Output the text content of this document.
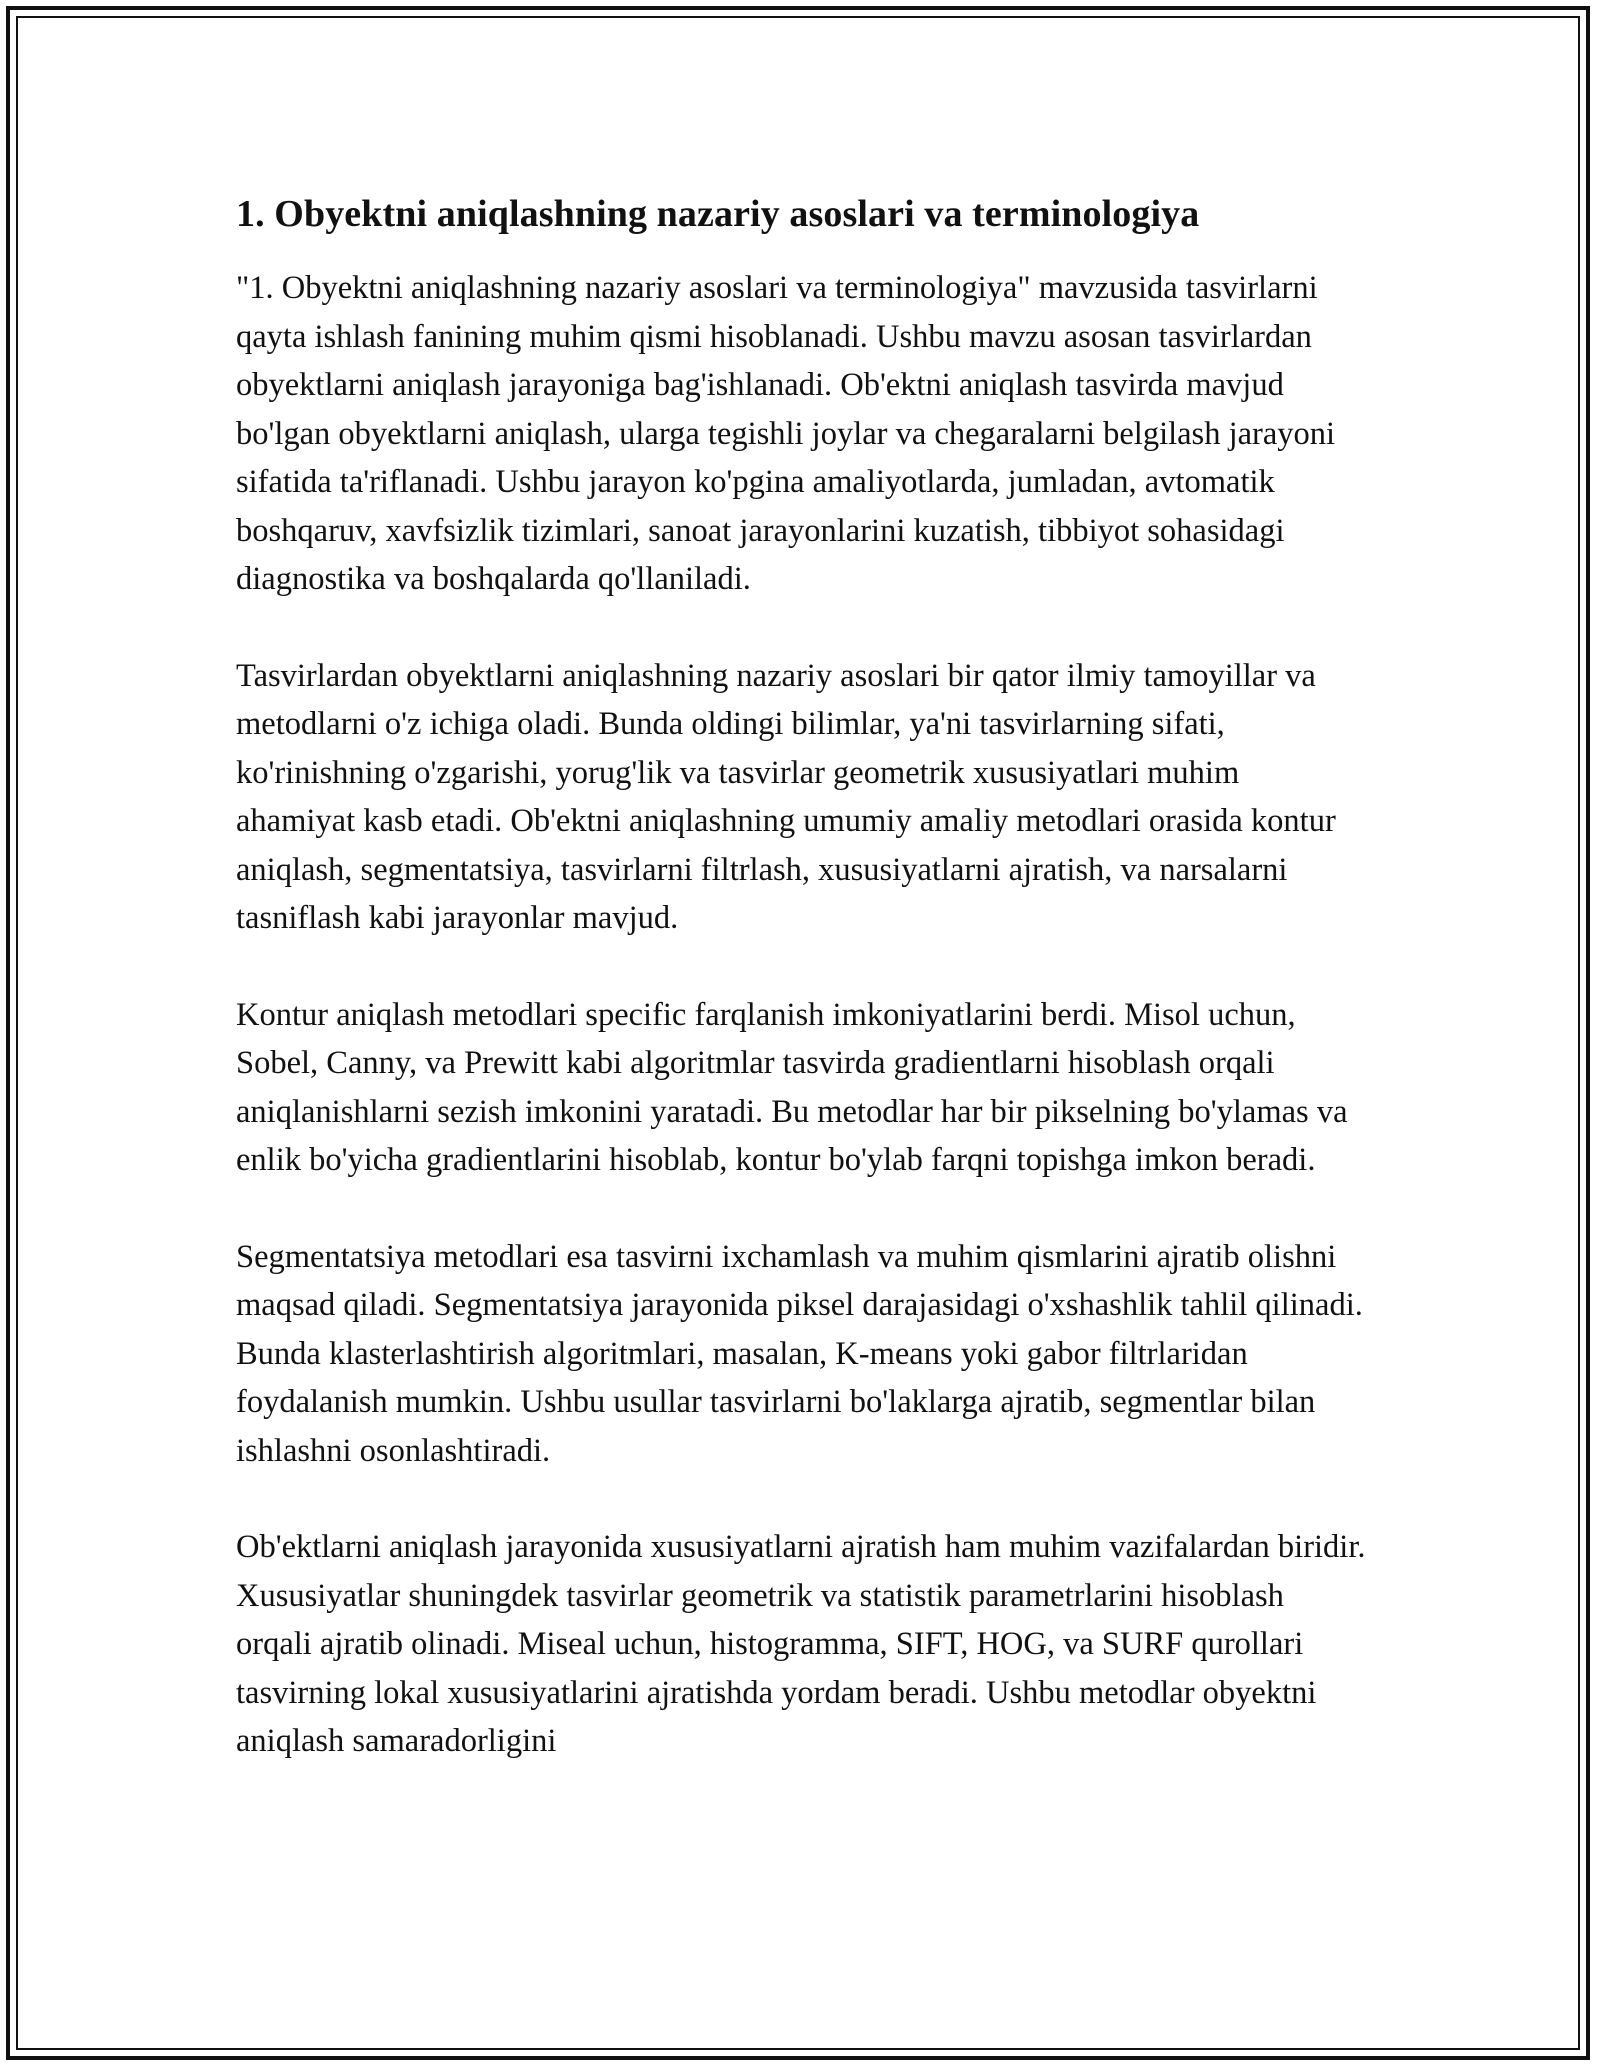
1. Obyektni aniqlashning nazariy asoslari va terminologiya

"1. Obyektni aniqlashning nazariy asoslari va terminologiya" mavzusida tasvirlarni qayta ishlash fanining muhim qismi hisoblanadi. Ushbu mavzu asosan tasvirlardan obyektlarni aniqlash jarayoniga bag'ishlanadi. Ob'ektni aniqlash tasvirda mavjud bo'lgan obyektlarni aniqlash, ularga tegishli joylar va chegaralarni belgilash jarayoni sifatida ta'riflanadi. Ushbu jarayon ko'pgina amaliyotlarda, jumladan, avtomatik boshqaruv, xavfsizlik tizimlari, sanoat jarayonlarini kuzatish, tibbiyot sohasidagi diagnostika va boshqalarda qo'llaniladi.

Tasvirlardan obyektlarni aniqlashning nazariy asoslari bir qator ilmiy tamoyillar va metodlarni o'z ichiga oladi. Bunda oldingi bilimlar, ya'ni tasvirlarning sifati, ko'rinishning o'zgarishi, yorug'lik va tasvirlar geometrik xususiyatlari muhim ahamiyat kasb etadi. Ob'ektni aniqlashning umumiy amaliy metodlari orasida kontur aniqlash, segmentatsiya, tasvirlarni filtrlash, xususiyatlarni ajratish, va narsalarni tasniflash kabi jarayonlar mavjud.

Kontur aniqlash metodlari specific farqlanish imkoniyatlarini berdi. Misol uchun, Sobel, Canny, va Prewitt kabi algoritmlar tasvirda gradientlarni hisoblash orqali aniqlanishlarni sezish imkonini yaratadi. Bu metodlar har bir pikselning bo'ylamas va enlik bo'yicha gradientlarini hisoblab, kontur bo'ylab farqni topishga imkon beradi.

Segmentatsiya metodlari esa tasvirni ixchamlash va muhim qismlarini ajratib olishni maqsad qiladi. Segmentatsiya jarayonida piksel darajasidagi o'xshashlik tahlil qilinadi. Bunda klasterlashtirish algoritmlari, masalan, K-means yoki gabor filtrlaridan foydalanish mumkin. Ushbu usullar tasvirlarni bo'laklarga ajratib, segmentlar bilan ishlashni osonlashtiradi.

Ob'ektlarni aniqlash jarayonida xususiyatlarni ajratish ham muhim vazifalardan biridir. Xususiyatlar shuningdek tasvirlar geometrik va statistik parametrlarini hisoblash orqali ajratib olinadi. Miseal uchun, histogramma, SIFT, HOG, va SURF qurollari tasvirning lokal xususiyatlarini ajratishda yordam beradi. Ushbu metodlar obyektni aniqlash samaradorligini
